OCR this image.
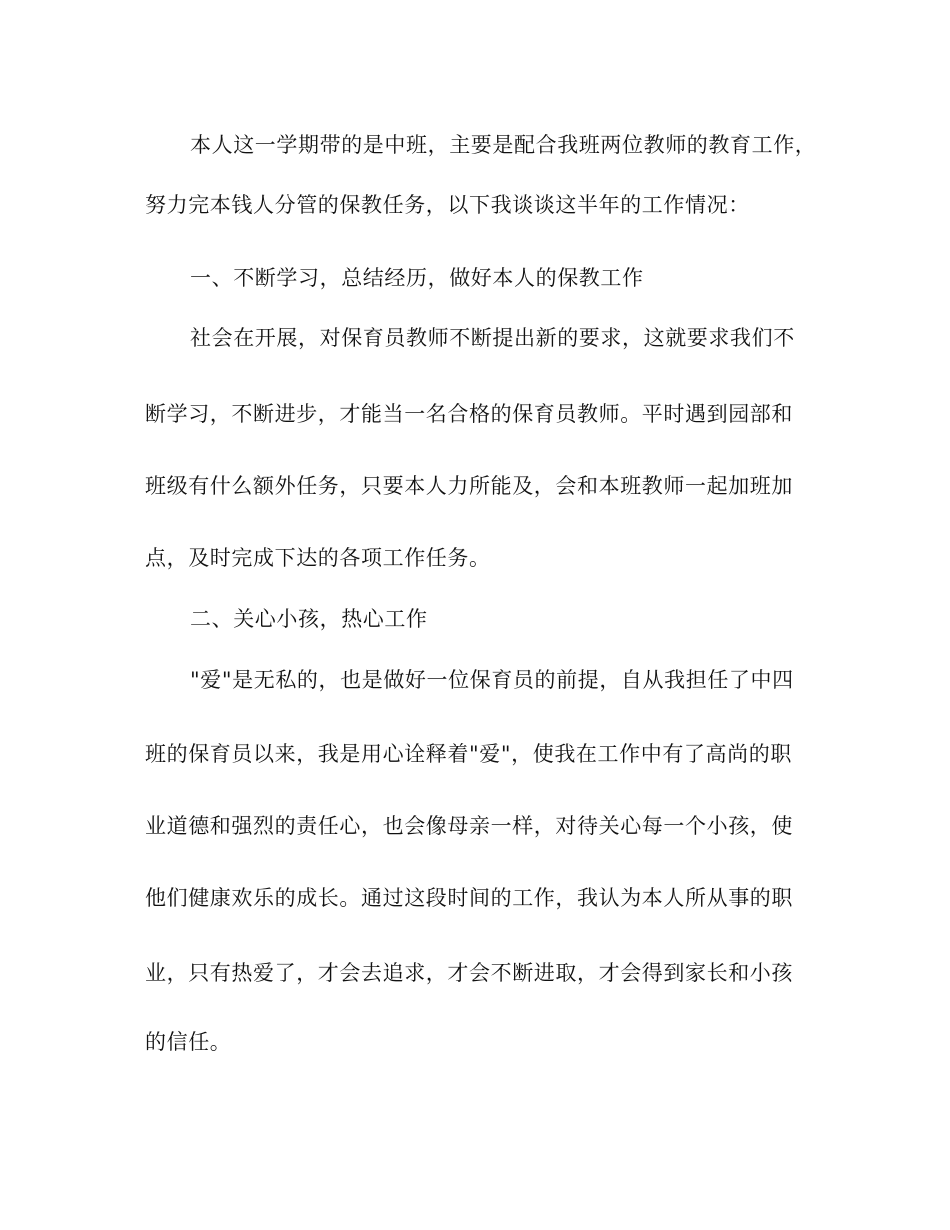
本人这一学期带的是中班，主要是配合我班两位教师的教育工作，
努力完本钱人分管的保教任务，以下我谈谈这半年的工作情况：
一、不断学习，总结经历，做好本人的保教工作
社会在开展，对保育员教师不断提出新的要求，这就要求我们不
断学习，不断进步，才能当一名合格的保育员教师。平时遇到园部和
班级有什么额外任务，只要本人力所能及，会和本班教师一起加班加
点，及时完成下达的各项工作任务。
二、关心小孩，热心工作
"爱"是无私的，也是做好一位保育员的前提，自从我担任了中四
班的保育员以来，我是用心诠释着"爱"，使我在工作中有了高尚的职
业道德和强烈的责任心，也会像母亲一样，对待关心每一个小孩，使
他们健康欢乐的成长。通过这段时间的工作，我认为本人所从事的职
业，只有热爱了，才会去追求，才会不断进取，才会得到家长和小孩
的信任。
